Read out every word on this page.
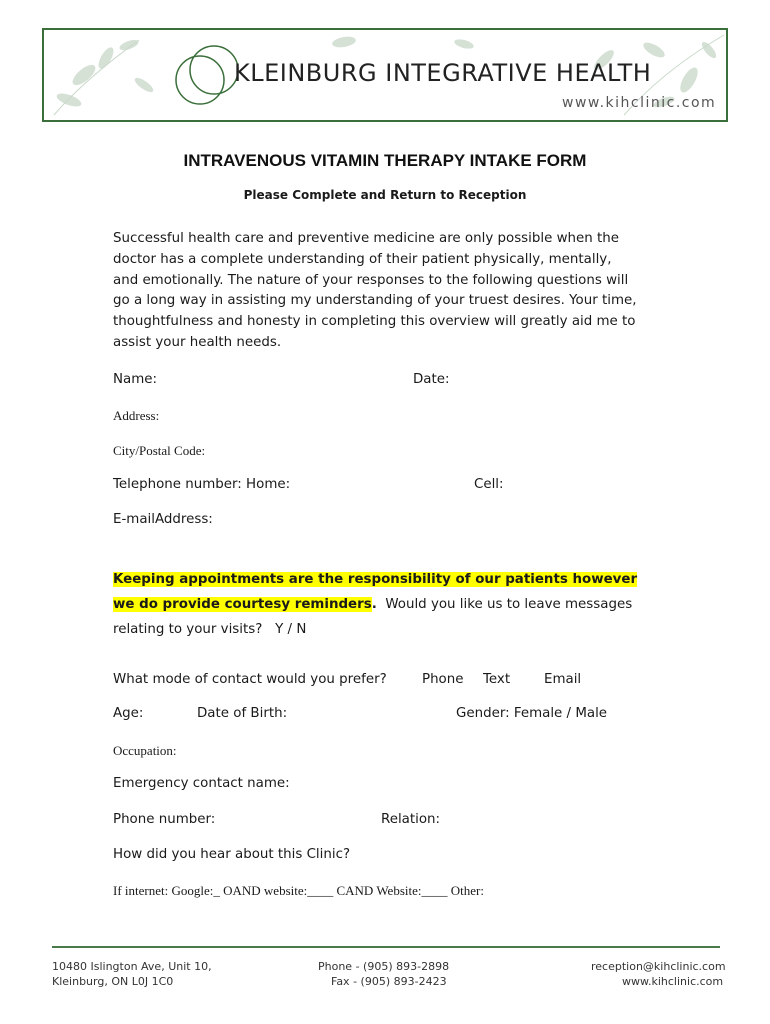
KLEINBURG INTEGRATIVE HEALTH
www.kihclinic.com
INTRAVENOUS VITAMIN THERAPY INTAKE FORM
Please Complete and Return to Reception
Successful health care and preventive medicine are only possible when the
doctor has a complete understanding of their patient physically, mentally,
and emotionally. The nature of your responses to the following questions will
go a long way in assisting my understanding of your truest desires. Your time,
thoughtfulness and honesty in completing this overview will greatly aid me to
assist your health needs.
Name:	Date:
Address:
City/Postal Code:
Telephone number: Home:	Cell:
E-mailAddress:
Keeping appointments are the responsibility of our patients however
we do provide courtesy reminders. Would you like us to leave messages
relating to your visits? Y / N
What mode of contact would you prefer?	Phone Text	Email
Age:	Date of Birth:	Gender: Female / Male
Occupation:
Emergency contact name:
Phone number:	Relation:
How did you hear about this Clinic?
If internet: Google:_ OAND website:____ CAND Website:____ Other:
10480 Islington Ave, Unit 10,
Kleinburg, ON L0J 1C0
Phone - (905) 893-2898
Fax - (905) 893-2423
reception@kihclinic.com
www.kihclinic.com
